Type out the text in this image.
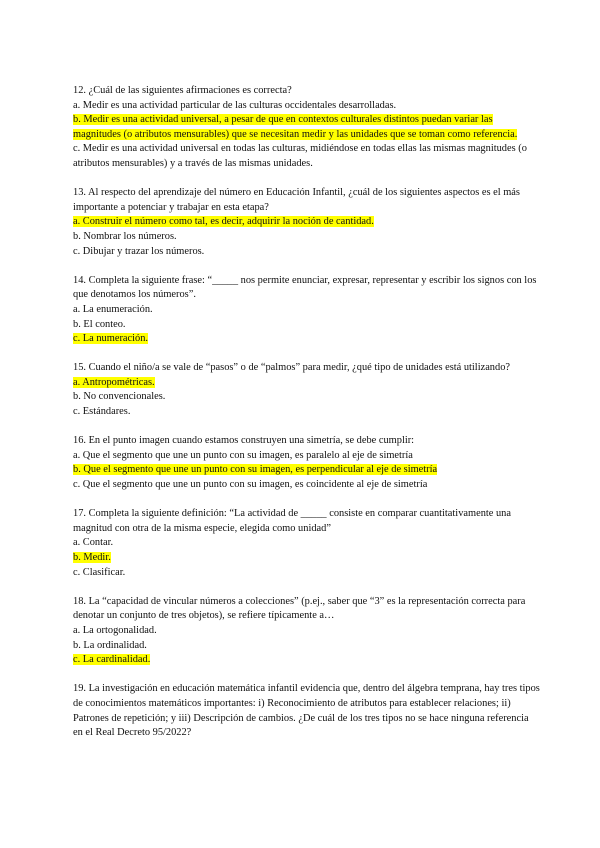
12. ¿Cuál de las siguientes afirmaciones es correcta?

a. Medir es una actividad particular de las culturas occidentales desarrolladas.

b. Medir es una actividad universal, a pesar de que en contextos culturales distintos puedan variar las magnitudes (o atributos mensurables) que se necesitan medir y las unidades que se toman como referencia.

c. Medir es una actividad universal en todas las culturas, midiéndose en todas ellas las mismas magnitudes (o atributos mensurables) y a través de las mismas unidades.

13. Al respecto del aprendizaje del número en Educación Infantil, ¿cuál de los siguientes aspectos es el más importante a potenciar y trabajar en esta etapa?

a. Construir el número como tal, es decir, adquirir la noción de cantidad.

b. Nombrar los números.

c. Dibujar y trazar los números.

14. Completa la siguiente frase: “_____ nos permite enunciar, expresar, representar y escribir los signos con los que denotamos los números”.

a. La enumeración.

b. El conteo.

c. La numeración.

15. Cuando el niño/a se vale de “pasos” o de “palmos” para medir, ¿qué tipo de unidades está utilizando?

a. Antropométricas.

b. No convencionales.

c. Estándares.

16. En el punto imagen cuando estamos construyen una simetría, se debe cumplir:

a. Que el segmento que une un punto con su imagen, es paralelo al eje de simetría

b. Que el segmento que une un punto con su imagen, es perpendicular al eje de simetría

c. Que el segmento que une un punto con su imagen, es coincidente al eje de simetría

17. Completa la siguiente definición: “La actividad de _____ consiste en comparar cuantitativamente una magnitud con otra de la misma especie, elegida como unidad”

a. Contar.

b. Medir.

c. Clasificar.

18. La “capacidad de vincular números a colecciones” (p.ej., saber que “3” es la representación correcta para denotar un conjunto de tres objetos), se refiere típicamente a…

a. La ortogonalidad.

b. La ordinalidad.

c. La cardinalidad.

19. La investigación en educación matemática infantil evidencia que, dentro del álgebra temprana, hay tres tipos de conocimientos matemáticos importantes: i) Reconocimiento de atributos para establecer relaciones; ii) Patrones de repetición; y iii) Descripción de cambios. ¿De cuál de los tres tipos no se hace ninguna referencia en el Real Decreto 95/2022?
